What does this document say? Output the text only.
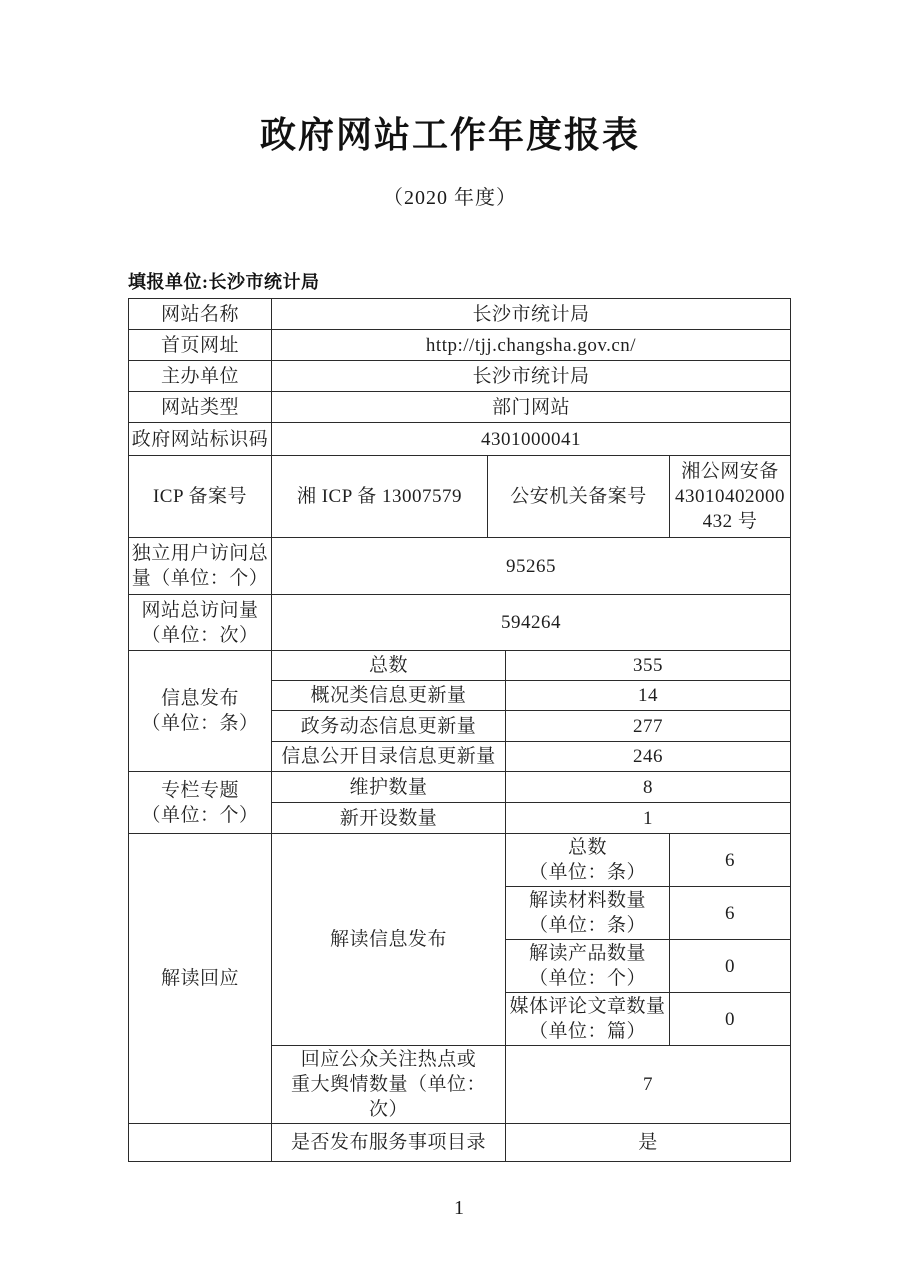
政府网站工作年度报表
（2020 年度）
填报单位:长沙市统计局
网站名称	长沙市统计局			
首页网址	http://tjj.changsha.gov.cn/			
主办单位	长沙市统计局			
网站类型	部门网站			
政府网站标识码	4301000041			
ICP 备案号	湘 ICP 备 13007579	公安机关备案号		湘公网安备
43010402000
432 号

独立用户访问总
量（单位：个）	95265			

网站总访问量
（单位：次）	594264			

信息发布
（单位：条）	总数		355	
	概况类信息更新量		14	
	政务动态信息更新量		277	
	信息公开目录信息更新量		246	

专栏专题
（单位：个）	维护数量		8	
	新开设数量		1	
解读回应	解读信息发布		总数
（单位：条）	6

			解读材料数量
（单位：条）	6

			解读产品数量
（单位：个）	0

			媒体评论文章数量
（单位：篇）	0

	回应公众关注热点或
重大舆情数量（单位：
次）		7	
	是否发布服务事项目录		是	
1
